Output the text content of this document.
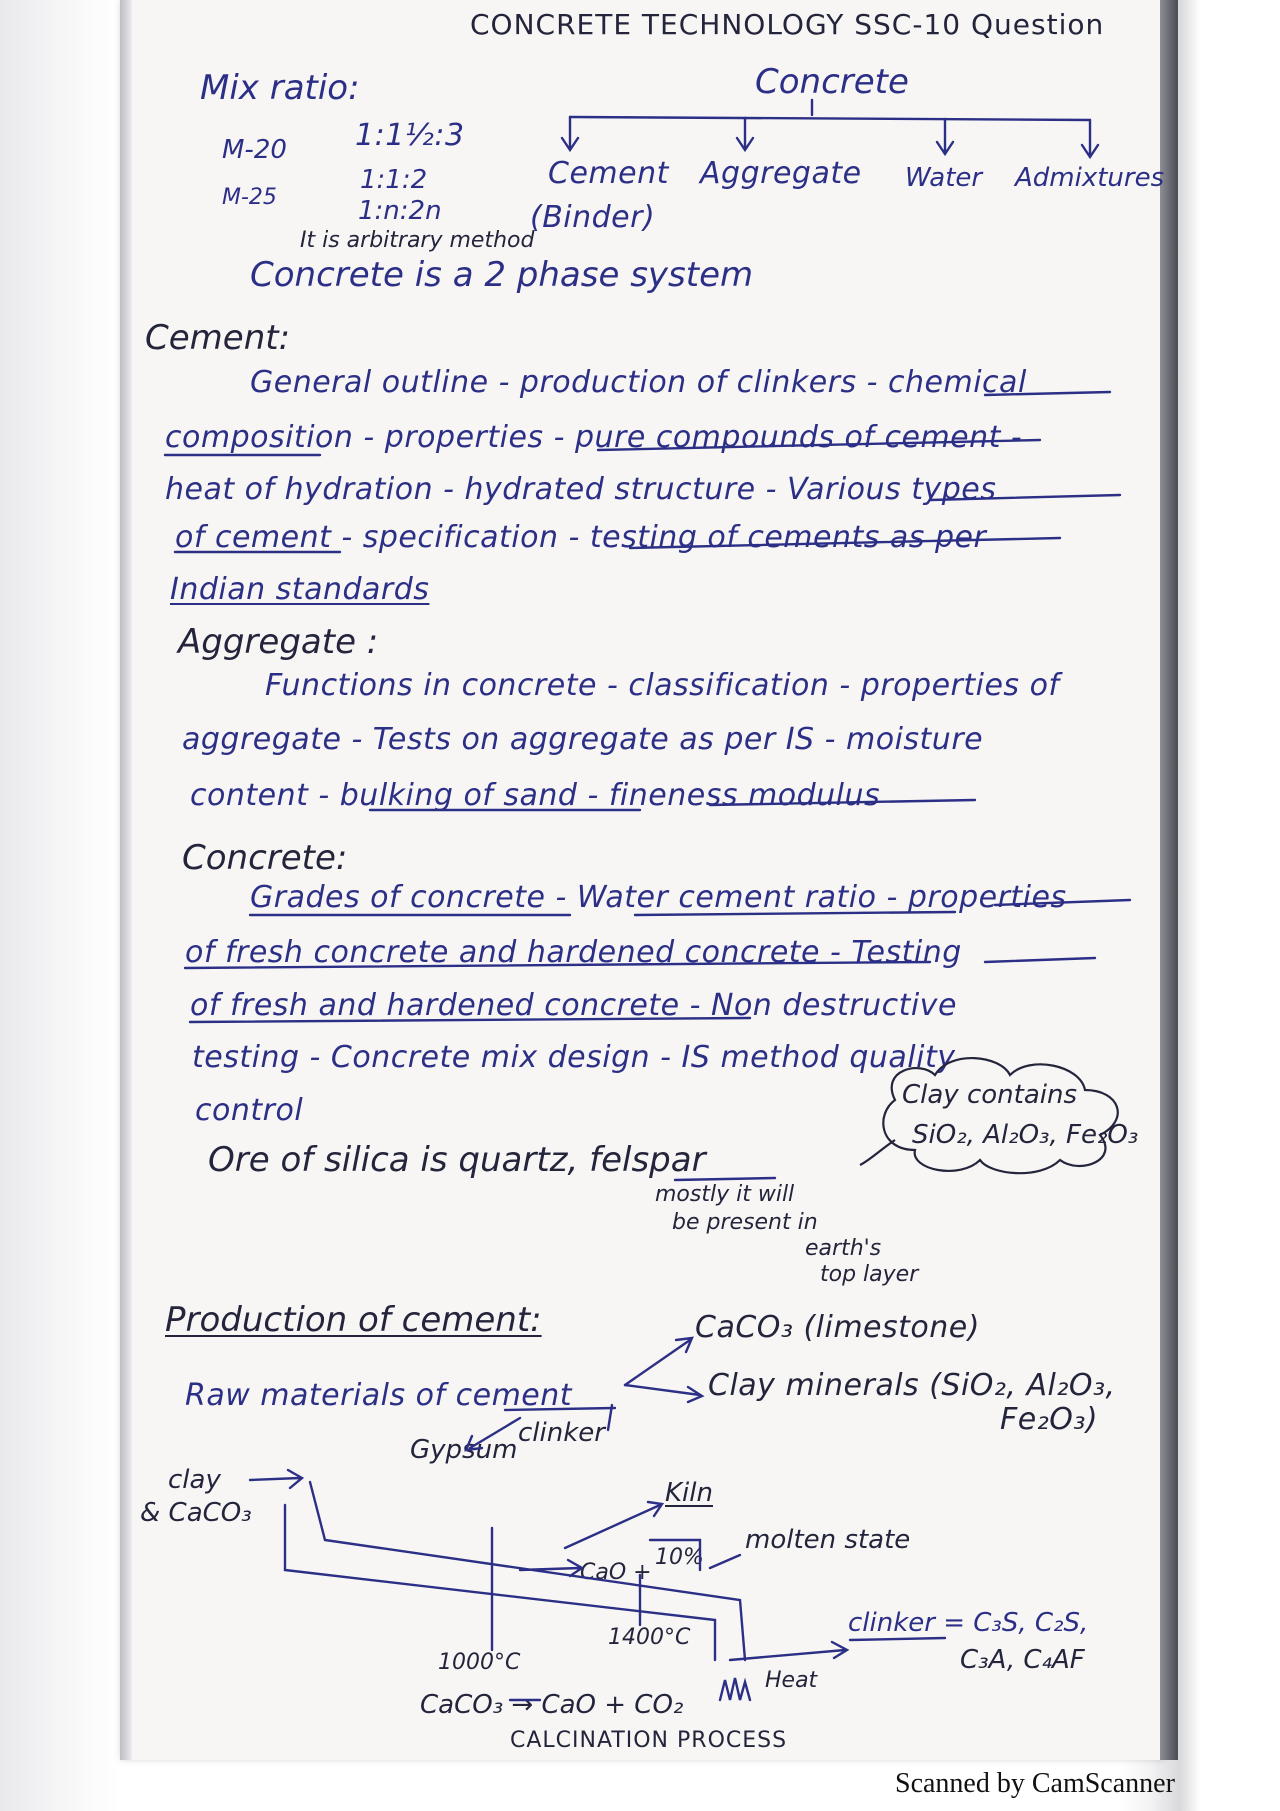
CONCRETE TECHNOLOGY SSC-10 Question
Mix ratio:
M-20 1:1½:3
M-25
1:1:2
1:n:2n
It is arbitrary method
Concrete is a 2 phase system
Concrete
Cement Aggregate Water Admixtures
(Binder)
Cement:
General outline - production of clinkers - chemical
composition - properties - pure compounds of cement -
heat of hydration - hydrated structure - Various types
of cement - specification - testing of cements as per
Indian standards
Aggregate :
Functions in concrete - classification - properties of
aggregate - Tests on aggregate as per IS - moisture
content - bulking of sand - fineness modulus
Concrete:
Grades of concrete - Water cement ratio - properties
of fresh concrete and hardened concrete - Testing
of fresh and hardened concrete - Non destructive
testing - Concrete mix design - IS method quality
control	Clay contains
SiO₂, Al₂O₃, Fe₂O₃
Ore of silica is quartz, felspar
mostly it will
be present in
earth's
top layer
Production of cement:
Raw materials of cement
CaCO₃ (limestone)
Clay minerals (SiO₂, Al₂O₃,
Fe₂O₃)
Gypsum
clinker
clay
& CaCO₃
Kiln
CaO +
10%
molten state
1000°C
1400°C	clinker = C₃S, C₂S,
C₃A, C₄AF
CaCO₃ → CaO + CO₂
Heat
CALCINATION PROCESS
Scanned by CamScanner
